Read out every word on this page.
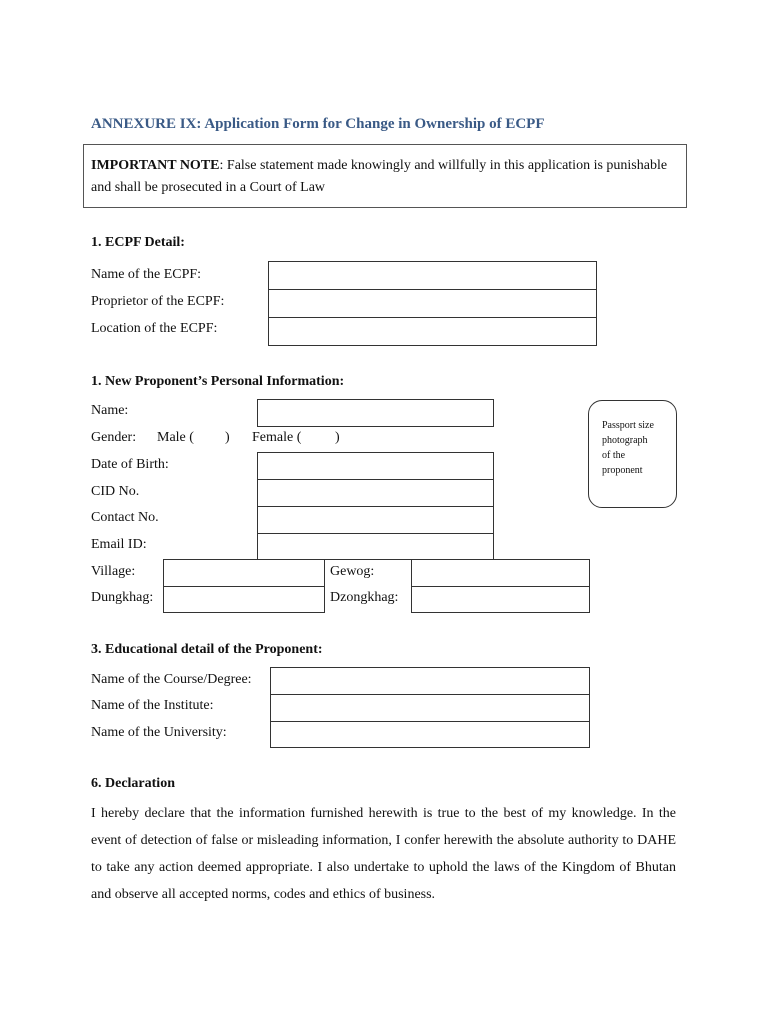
ANNEXURE IX: Application Form for Change in Ownership of ECPF
IMPORTANT NOTE: False statement made knowingly and willfully in this application is punishable and shall be prosecuted in a Court of Law
1. ECPF Detail:
Name of the ECPF:
Proprietor of the ECPF:
Location of the ECPF:
1. New Proponent’s Personal Information:
Name:
Gender: Male ( ) Female ( )
Date of Birth:
CID No.
Contact No.
Email ID:
Village:	Gewog:
Dungkhag:	Dzongkhag:
Passport size
photograph
of the
proponent
3. Educational detail of the Proponent:
Name of the Course/Degree:
Name of the Institute:
Name of the University:
6. Declaration
I hereby declare that the information furnished herewith is true to the best of my knowledge. In the event of detection of false or misleading information, I confer herewith the absolute authority to DAHE to take any action deemed appropriate. I also undertake to uphold the laws of the Kingdom of Bhutan and observe all accepted norms, codes and ethics of business.
